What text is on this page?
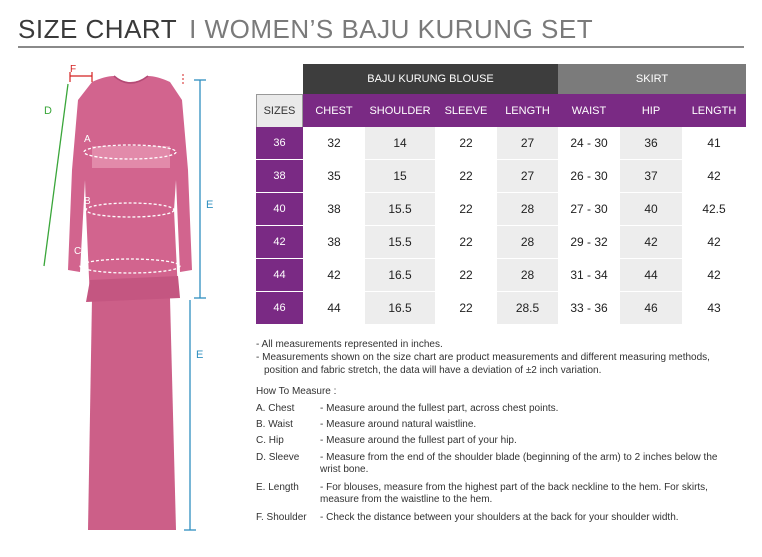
SIZE CHART I WOMEN’S BAJU KURUNG SET
F
D
A
B
C
E
E
BAJU KURUNG BLOUSE	SKIRT
SIZES	CHEST	SHOULDER	SLEEVE	LENGTH	WAIST	HIP	LENGTH
36	32	14	22	27	24 - 30	36	41
38	35	15	22	27	26 - 30	37	42
40	38	15.5	22	28	27 - 30	40	42.5
42	38	15.5	22	28	29 - 32	42	42
44	42	16.5	22	28	31 - 34	44	42
46	44	16.5	22	28.5	33 - 36	46	43
- All measurements represented in inches.
- Measurements shown on the size chart are product measurements and different measuring methods, position and fabric stretch, the data will have a deviation of ±2 inch variation.
How To Measure :
A. Chest	- Measure around the fullest part, across chest points.
B. Waist	- Measure around natural waistline.
C. Hip	- Measure around the fullest part of your hip.
D. Sleeve	- Measure from the end of the shoulder blade (beginning of the arm) to 2 inches below the wrist bone.
E. Length	- For blouses, measure from the highest part of the back neckline to the hem. For skirts, measure from the waistline to the hem.
F. Shoulder	- Check the distance between your shoulders at the back for your shoulder width.
